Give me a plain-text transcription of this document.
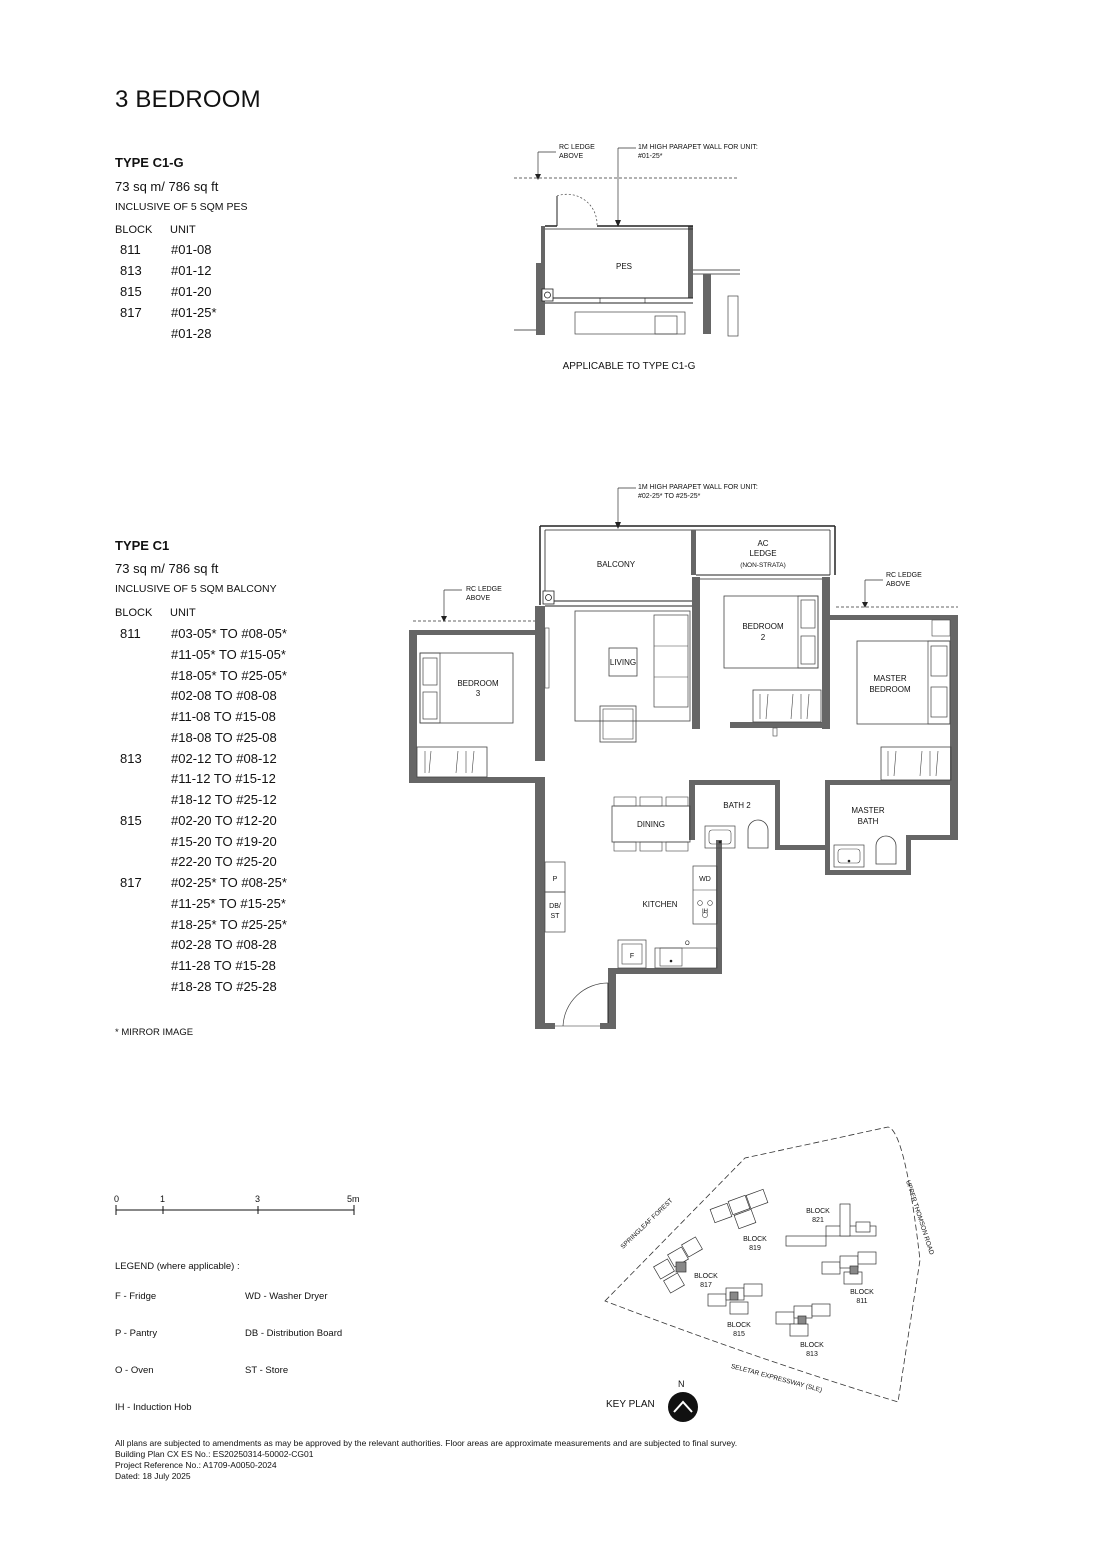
3 BEDROOM
TYPE C1-G
73 sq m/ 786 sq ft
INCLUSIVE OF 5 SQM PES
BLOCK UNIT
811 #01-08
813 #01-12
815 #01-20
817 #01-25*
#01-28
TYPE C1
73 sq m/ 786 sq ft
INCLUSIVE OF 5 SQM BALCONY
BLOCK UNIT
811 #03-05* TO #08-05*
#11-05* TO #15-05*
#18-05* TO #25-05*
#02-08 TO #08-08
#11-08 TO #15-08
#18-08 TO #25-08
813 #02-12 TO #08-12
#11-12 TO #15-12
#18-12 TO #25-12
815 #02-20 TO #12-20
#15-20 TO #19-20
#22-20 TO #25-20
817 #02-25* TO #08-25*
#11-25* TO #15-25*
#18-25* TO #25-25*
#02-28 TO #08-28
#11-28 TO #15-28
#18-28 TO #25-28
* MIRROR IMAGE
RC LEDGE
ABOVE
1M HIGH PARAPET WALL FOR UNIT:
#01-25*
PES
APPLICABLE TO TYPE C1-G
1M HIGH PARAPET WALL FOR UNIT:
#02-25* TO #25-25*
RC LEDGE
ABOVE
RC LEDGE
ABOVE
BALCONY
AC
LEDGE
(NON-STRATA)
BEDROOM
3
LIVING
BEDROOM
2
MASTER
BEDROOM
BATH 2
MASTER
BATH
DINING
P
DB/
ST
WD
IH
F
O
KITCHEN
0	1	3	5m
LEGEND (where applicable) :
F - Fridge	WD - Washer Dryer
P - Pantry	DB - Distribution Board
O - Oven	ST - Store
IH - Induction Hob
BLOCK
821
BLOCK
819
BLOCK
817
BLOCK
815
BLOCK
813
BLOCK
811
SPRINGLEAF FOREST	UPPER THOMSON ROAD
SELETAR EXPRESSWAY (SLE)
KEY PLAN
N
All plans are subjected to amendments as may be approved by the relevant authorities. Floor areas are approximate measurements and are subjected to final survey.
Building Plan CX ES No.: ES20250314-50002-CG01
Project Reference No.: A1709-A0050-2024
Dated: 18 July 2025
